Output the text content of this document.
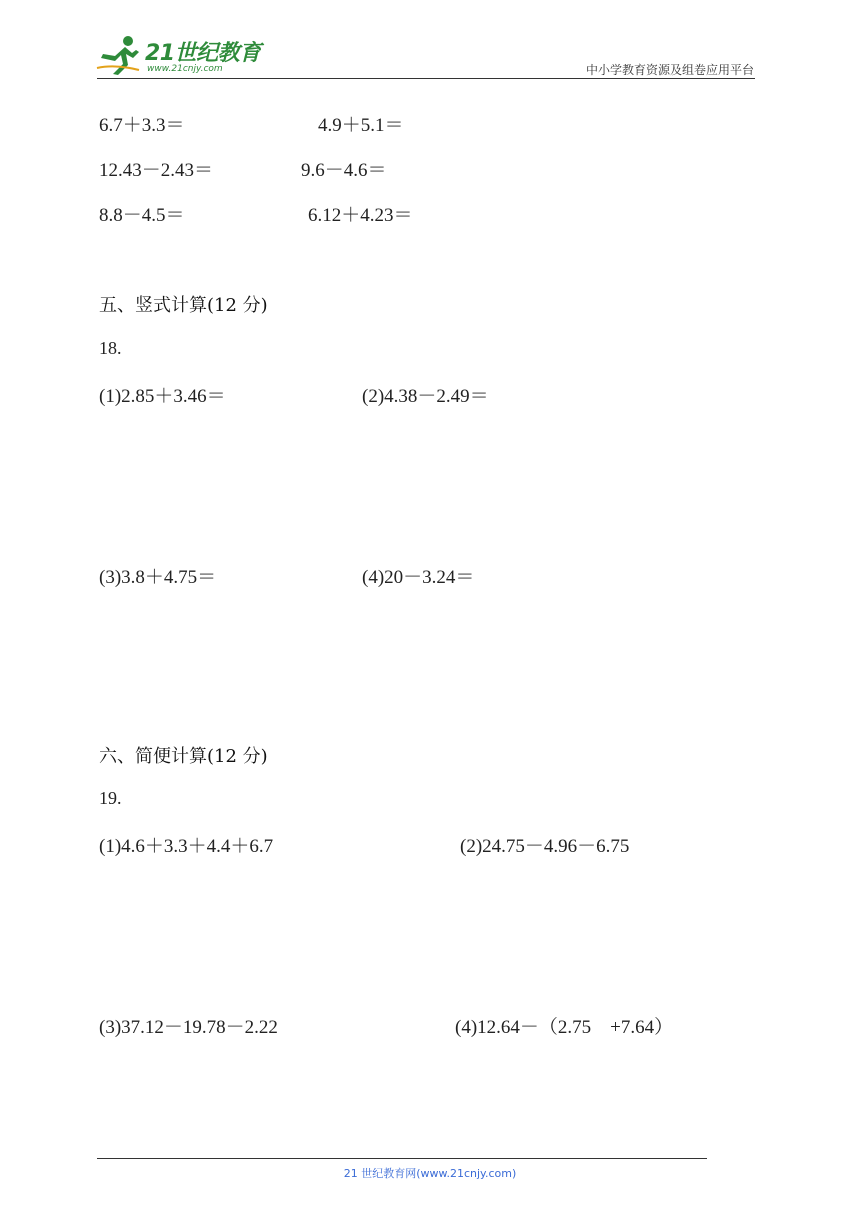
21世纪教育
www.21cnjy.com	中小学教育资源及组卷应用平台
6.7＋3.3＝	4.9＋5.1＝
12.43－2.43＝	9.6－4.6＝
8.8－4.5＝	6.12＋4.23＝
五、竖式计算(12 分)
18.
(1)2.85＋3.46＝	(2)4.38－2.49＝
(3)3.8＋4.75＝	(4)20－3.24＝
六、简便计算(12 分)
19.
(1)4.6＋3.3＋4.4＋6.7	(2)24.75－4.96－6.75
(3)37.12－19.78－2.22	(4)12.64－（2.75　+7.64）
21 世纪教育网(www.21cnjy.com)
